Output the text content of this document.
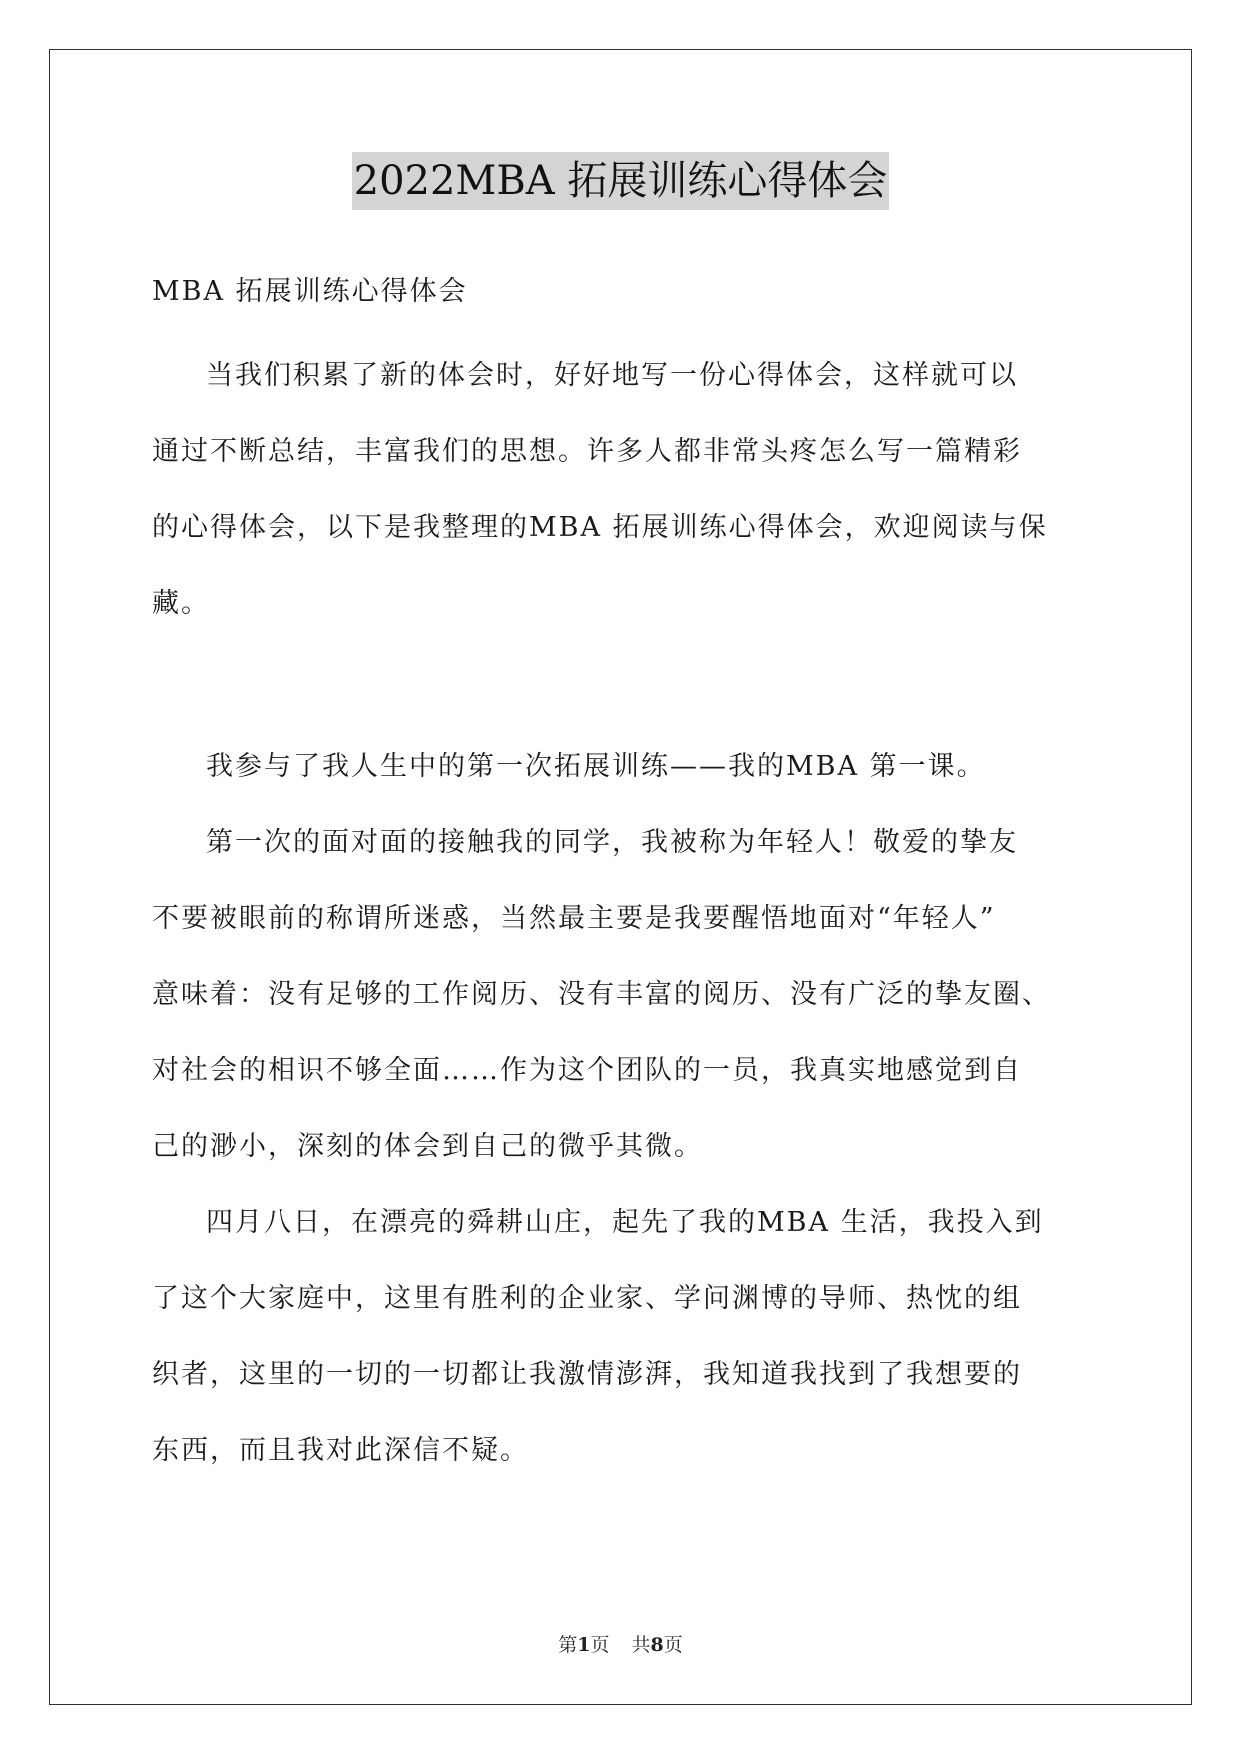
2022MBA 拓展训练心得体会

MBA 拓展训练心得体会

当我们积累了新的体会时，好好地写一份心得体会，这样就可以
通过不断总结，丰富我们的思想。许多人都非常头疼怎么写一篇精彩
的心得体会，以下是我整理的MBA 拓展训练心得体会，欢迎阅读与保
藏。

我参与了我人生中的第一次拓展训练——我的MBA 第一课。

第一次的面对面的接触我的同学，我被称为年轻人！敬爱的挚友
不要被眼前的称谓所迷惑，当然最主要是我要醒悟地面对“年轻人”
意味着：没有足够的工作阅历、没有丰富的阅历、没有广泛的挚友圈、
对社会的相识不够全面……作为这个团队的一员，我真实地感觉到自
己的渺小，深刻的体会到自己的微乎其微。

四月八日，在漂亮的舜耕山庄，起先了我的MBA 生活，我投入到
了这个大家庭中，这里有胜利的企业家、学问渊博的导师、热忱的组
织者，这里的一切的一切都让我激情澎湃，我知道我找到了我想要的
东西，而且我对此深信不疑。

第1页 共8页
